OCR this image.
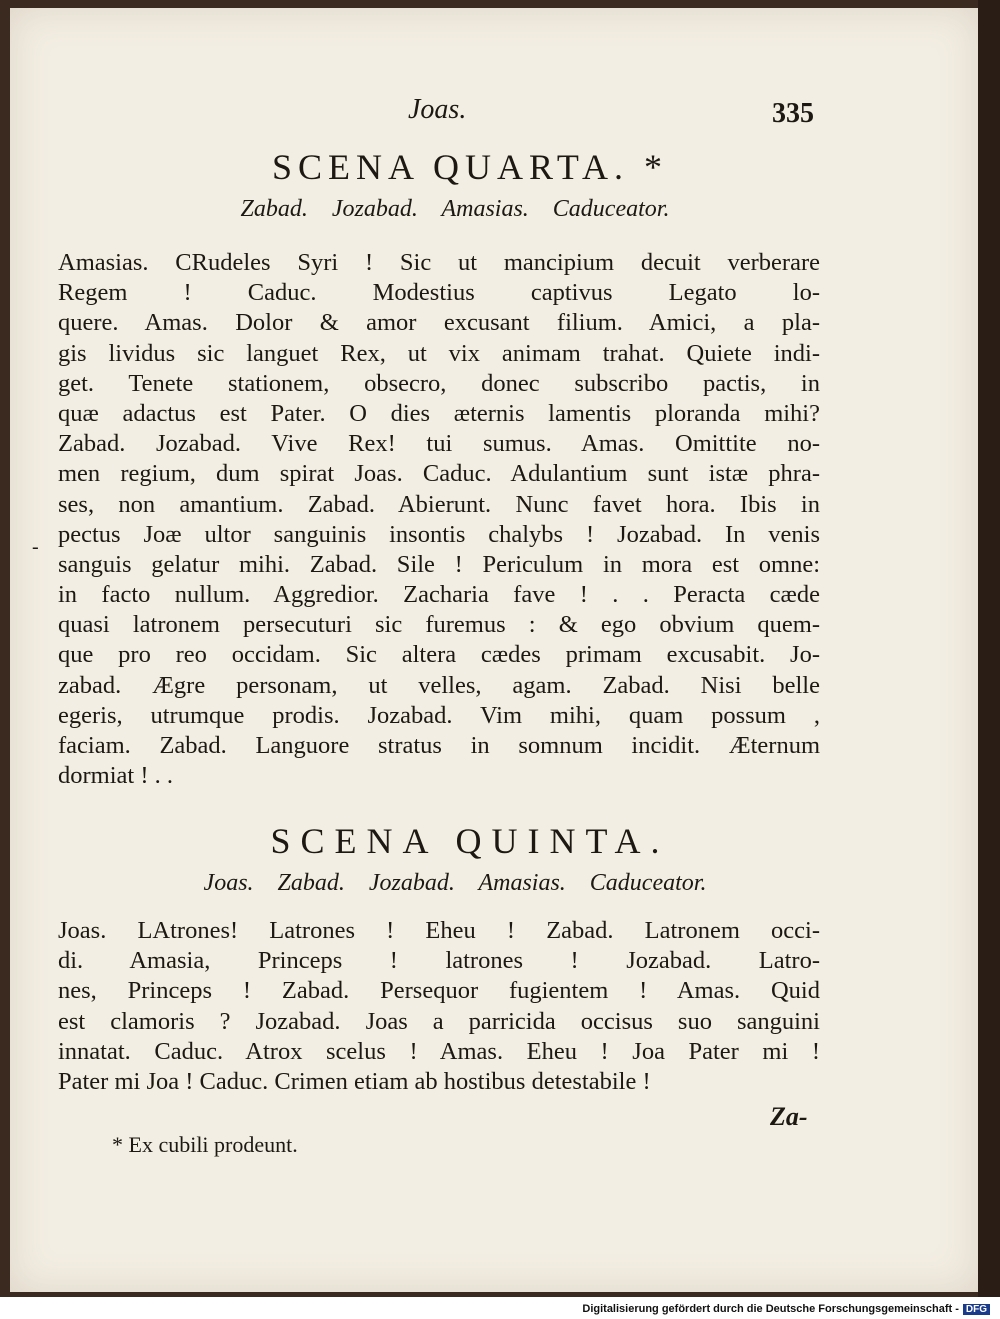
Joas.	335
SCENA QUARTA. *
Zabad. Jozabad. Amasias. Caduceator.
Amasias. CRudeles Syri ! Sic ut mancipium decuit verberare
Regem ! Caduc. Modestius captivus Legato lo-
quere. Amas. Dolor & amor excusant filium. Amici, a pla-
gis lividus sic languet Rex, ut vix animam trahat. Quiete indi-
get. Tenete stationem, obsecro, donec subscribo pactis, in
quæ adactus est Pater. O dies æternis lamentis ploranda mihi?
Zabad. Jozabad. Vive Rex! tui sumus. Amas. Omittite no-
men regium, dum spirat Joas. Caduc. Adulantium sunt istæ phra-
ses, non amantium. Zabad. Abierunt. Nunc favet hora. Ibis in
pectus Joæ ultor sanguinis insontis chalybs ! Jozabad. In venis
sanguis gelatur mihi. Zabad. Sile ! Periculum in mora est omne:
in facto nullum. Aggredior. Zacharia fave ! . . Peracta cæde
quasi latronem persecuturi sic furemus : & ego obvium quem-
que pro reo occidam. Sic altera cædes primam excusabit. Jo-
zabad. Ægre personam, ut velles, agam. Zabad. Nisi belle
egeris, utrumque prodis. Jozabad. Vim mihi, quam possum ,
faciam. Zabad. Languore stratus in somnum incidit. Æternum
dormiat ! . .
-
SCENA QUINTA.
Joas. Zabad. Jozabad. Amasias. Caduceator.
Joas. LAtrones! Latrones ! Eheu ! Zabad. Latronem occi-
di. Amasia, Princeps ! latrones ! Jozabad. Latro-
nes, Princeps ! Zabad. Persequor fugientem ! Amas. Quid
est clamoris ? Jozabad. Joas a parricida occisus suo sanguini
innatat. Caduc. Atrox scelus ! Amas. Eheu ! Joa Pater mi !
Pater mi Joa ! Caduc. Crimen etiam ab hostibus detestabile !
Za-
* Ex cubili prodeunt.
Digitalisierung gefördert durch die Deutsche Forschungsgemeinschaft - DFG
